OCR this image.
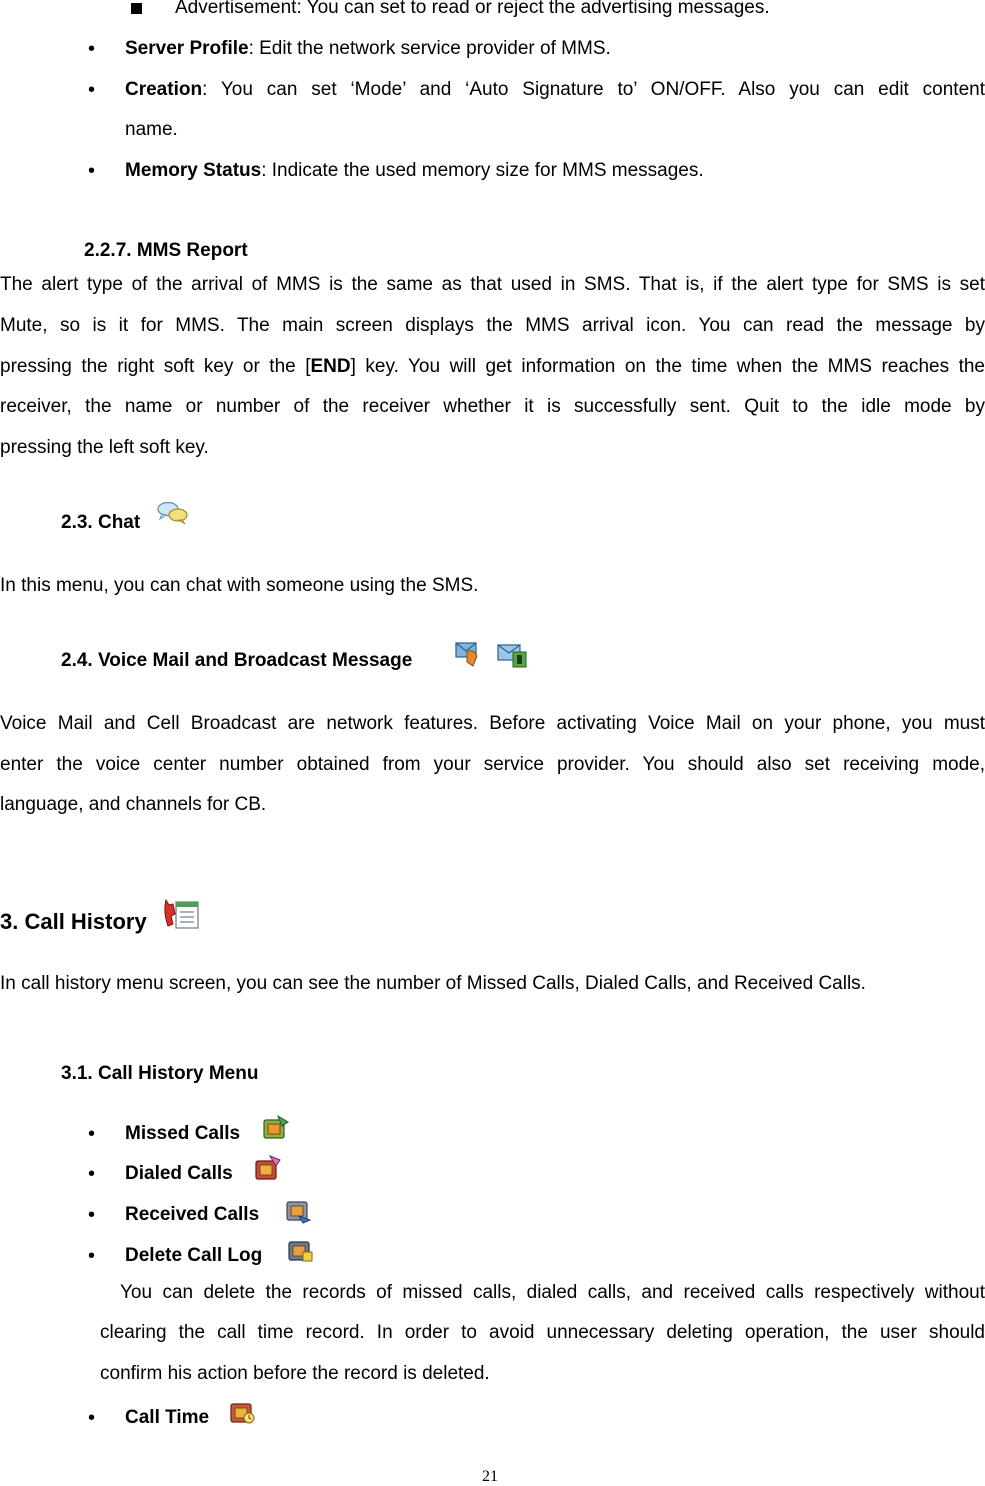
Advertisement: You can set to read or reject the advertising messages.
• Server Profile: Edit the network service provider of MMS.
• Creation: You can set ‘Mode’ and ‘Auto Signature to’ ON/OFF. Also you can edit content
name.
• Memory Status: Indicate the used memory size for MMS messages.
2.2.7. MMS Report
The alert type of the arrival of MMS is the same as that used in SMS. That is, if the alert type for SMS is set
Mute, so is it for MMS. The main screen displays the MMS arrival icon. You can read the message by
pressing the right soft key or the [END] key. You will get information on the time when the MMS reaches the
receiver, the name or number of the receiver whether it is successfully sent. Quit to the idle mode by
pressing the left soft key.
2.3. Chat
In this menu, you can chat with someone using the SMS.
2.4. Voice Mail and Broadcast Message
Voice Mail and Cell Broadcast are network features. Before activating Voice Mail on your phone, you must
enter the voice center number obtained from your service provider. You should also set receiving mode,
language, and channels for CB.
3. Call History
In call history menu screen, you can see the number of Missed Calls, Dialed Calls, and Received Calls.
3.1. Call History Menu
• Missed Calls
• Dialed Calls
• Received Calls
• Delete Call Log
You can delete the records of missed calls, dialed calls, and received calls respectively without
clearing the call time record. In order to avoid unnecessary deleting operation, the user should
confirm his action before the record is deleted.
• Call Time
21
